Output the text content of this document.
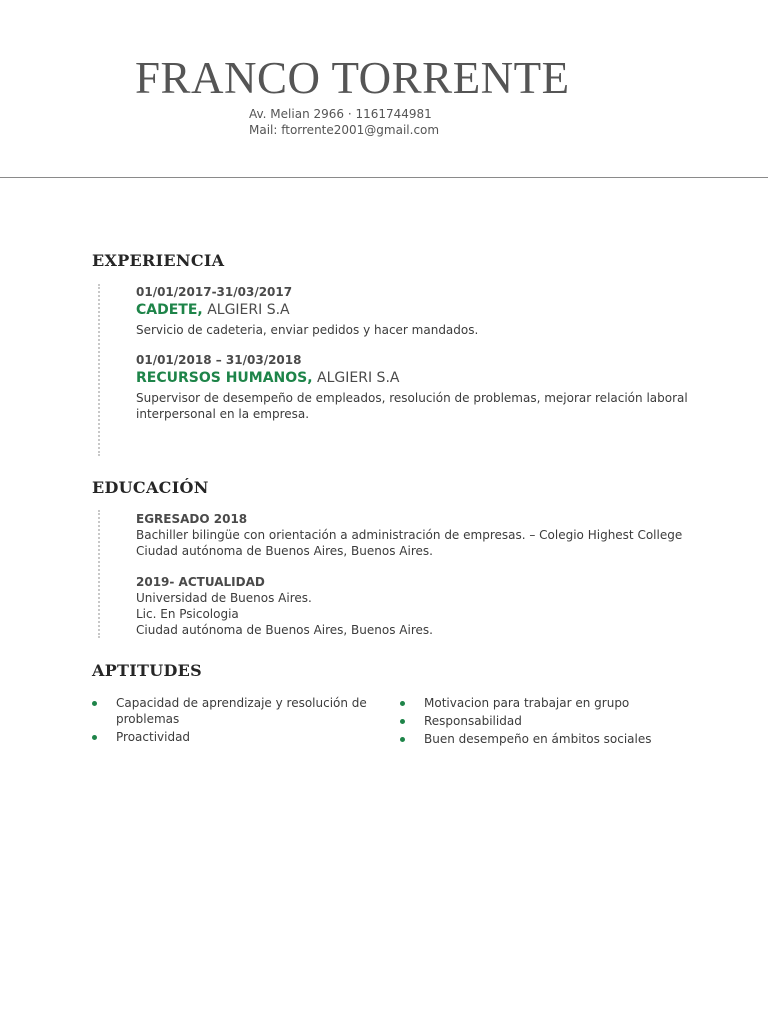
FRANCO TORRENTE
Av. Melian 2966 · 1161744981
Mail: ftorrente2001@gmail.com
EXPERIENCIA
01/01/2017-31/03/2017
CADETE, ALGIERI S.A
Servicio de cadeteria, enviar pedidos y hacer mandados.
01/01/2018 – 31/03/2018
RECURSOS HUMANOS, ALGIERI S.A
Supervisor de desempeño de empleados, resolución de problemas, mejorar relación laboral interpersonal en la empresa.
EDUCACIÓN
EGRESADO 2018
Bachiller bilingüe con orientación a administración de empresas. – Colegio Highest College
Ciudad autónoma de Buenos Aires, Buenos Aires.
2019- ACTUALIDAD
Universidad de Buenos Aires.
Lic. En Psicologia
Ciudad autónoma de Buenos Aires, Buenos Aires.
APTITUDES
Capacidad de aprendizaje y resolución de problemas
Proactividad
Motivacion para trabajar en grupo
Responsabilidad
Buen desempeño en ámbitos sociales
